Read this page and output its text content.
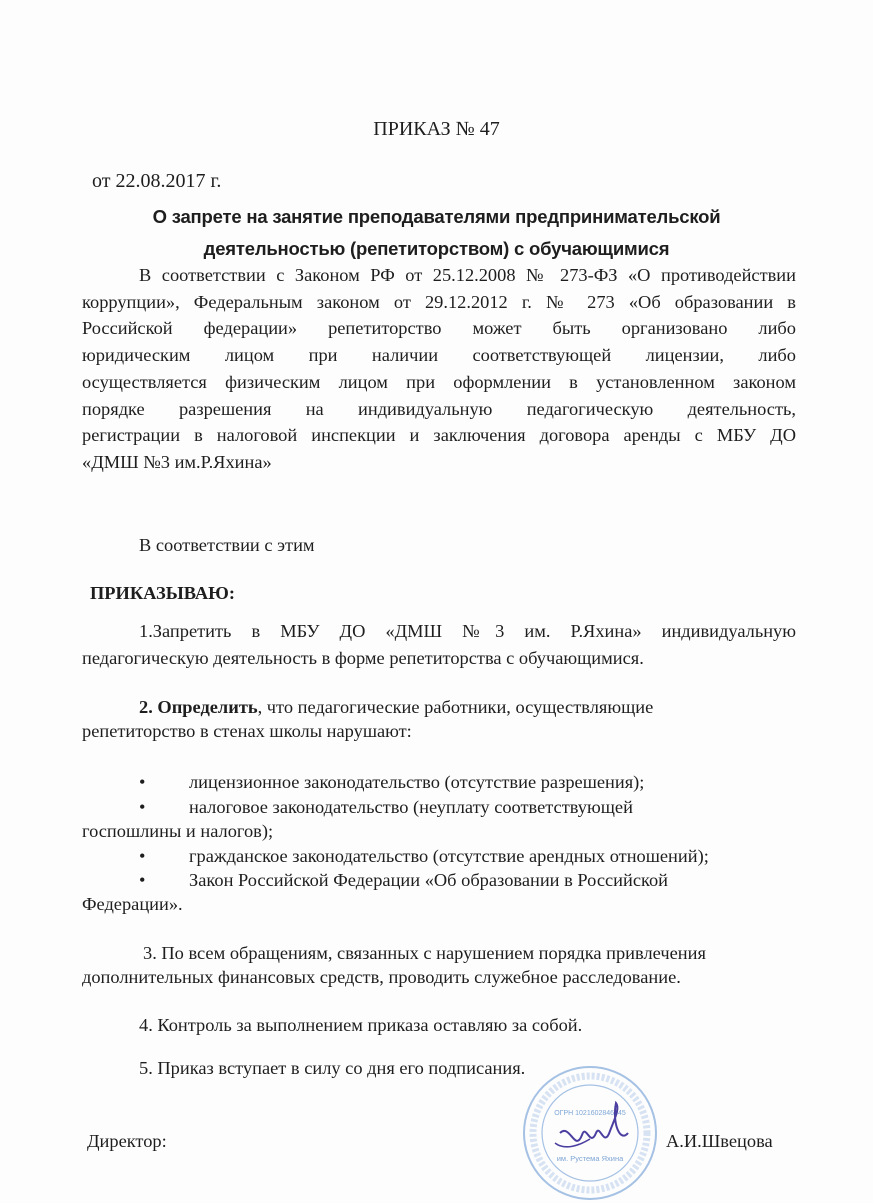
ПРИКАЗ № 47
от 22.08.2017 г.
О запрете на занятие преподавателями предпринимательской
деятельностью (репетиторством) с обучающимися
В соответствии с Законом РФ от 25.12.2008 № 273-ФЗ «О противодействии
коррупции», Федеральным законом от 29.12.2012 г. № 273 «Об образовании в
Российской федерации» репетиторство может быть организовано либо
юридическим лицом при наличии соответствующей лицензии, либо
осуществляется физическим лицом при оформлении в установленном законом
порядке разрешения на индивидуальную педагогическую деятельность,
регистрации в налоговой инспекции и заключения договора аренды с МБУ ДО
«ДМШ №3 им.Р.Яхина»
В соответствии с этим
ПРИКАЗЫВАЮ:
1.Запретить в МБУ ДО «ДМШ №3 им. Р.Яхина» индивидуальную
педагогическую деятельность в форме репетиторства с обучающимися.
2. Определить, что педагогические работники, осуществляющие
репетиторство в стенах школы нарушают:
• лицензионное законодательство (отсутствие разрешения);
• налоговое законодательство (неуплату соответствующей
госпошлины и налогов);
• гражданское законодательство (отсутствие арендных отношений);
• Закон Российской Федерации «Об образовании в Российской
Федерации».
3. По всем обращениям, связанных с нарушением порядка привлечения
дополнительных финансовых средств, проводить служебное расследование.
4. Контроль за выполнением приказа оставляю за собой.
5. Приказ вступает в силу со дня его подписания.
Директор:
ОГРН 1021602846945
им. Рустема Яхина
А.И.Швецова
